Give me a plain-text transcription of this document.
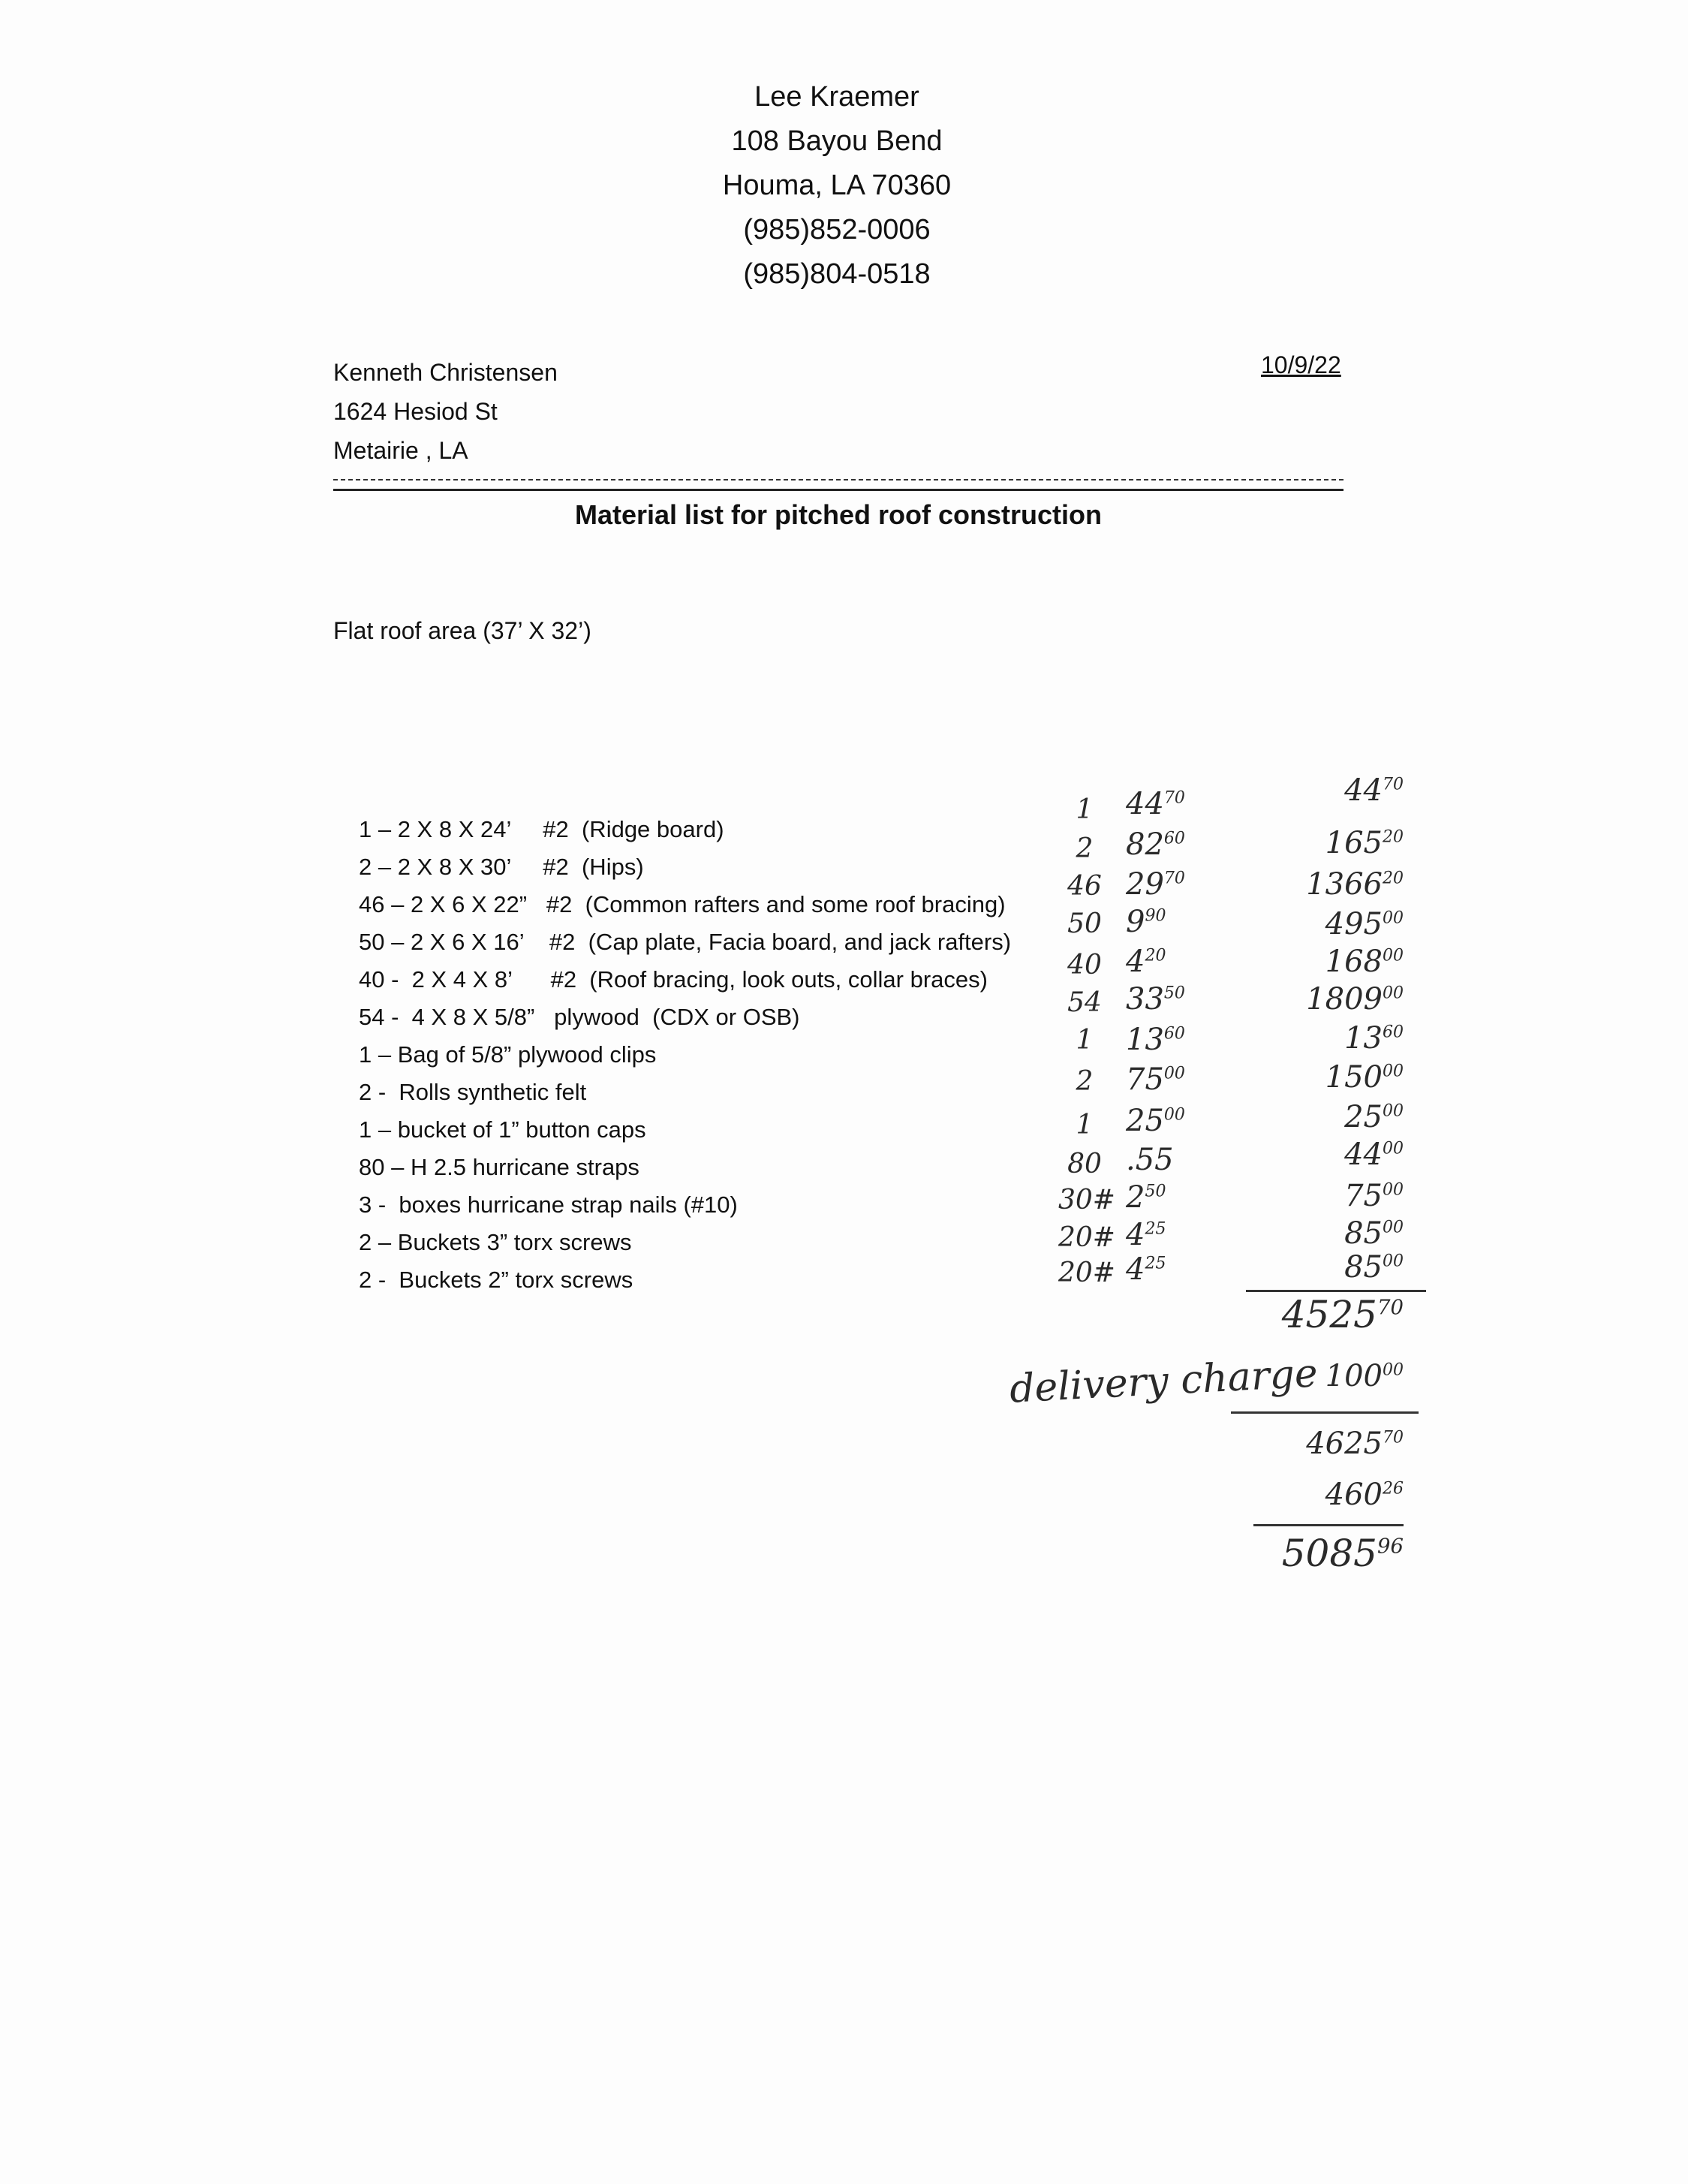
Lee Kraemer
108 Bayou Bend
Houma, LA 70360
(985)852-0006
(985)804-0518
Kenneth Christensen
1624 Hesiod St
Metairie , LA
10/9/22
Material list for pitched roof construction
Flat roof area (37’ X 32’)
1 – 2 X 8 X 24’     #2  (Ridge board)
2 – 2 X 8 X 30’     #2  (Hips)
46 – 2 X 6 X 22”   #2  (Common rafters and some roof bracing)
50 – 2 X 6 X 16’    #2  (Cap plate, Facia board, and jack rafters)
40 -  2 X 4 X 8’      #2  (Roof bracing, look outs, collar braces)
54 -  4 X 8 X 5/8”   plywood  (CDX or OSB)
1 – Bag of 5/8” plywood clips
2 -  Rolls synthetic felt
1 – bucket of 1” button caps
80 – H 2.5 hurricane straps
3 -  boxes hurricane strap nails (#10)
2 – Buckets 3” torx screws
2 -  Buckets 2” torx screws
1
2
46
50
40
54
1
2
1
80
30#
20#
20#
$44^{70}$
$82^{60}$
$29^{70}$
$9^{90}$
$4^{20}$
$33^{50}$
$13^{60}$
$75^{00}$
$25^{00}$
.55
$2^{50}$
$4^{25}$
$4^{25}$
$44^{70}$
$165^{20}$
1366$^{20}$
$495^{00}$
$168^{00}$
1809$^{00}$
$13^{60}$
$150^{00}$
$25^{00}$
$44^{00}$
$75^{00}$
$85^{00}$
$85^{00}$
4525$^{70}$
delivery charge $100^{00}$
4625$^{70}$
$460^{26}$
5085$^{96}$
